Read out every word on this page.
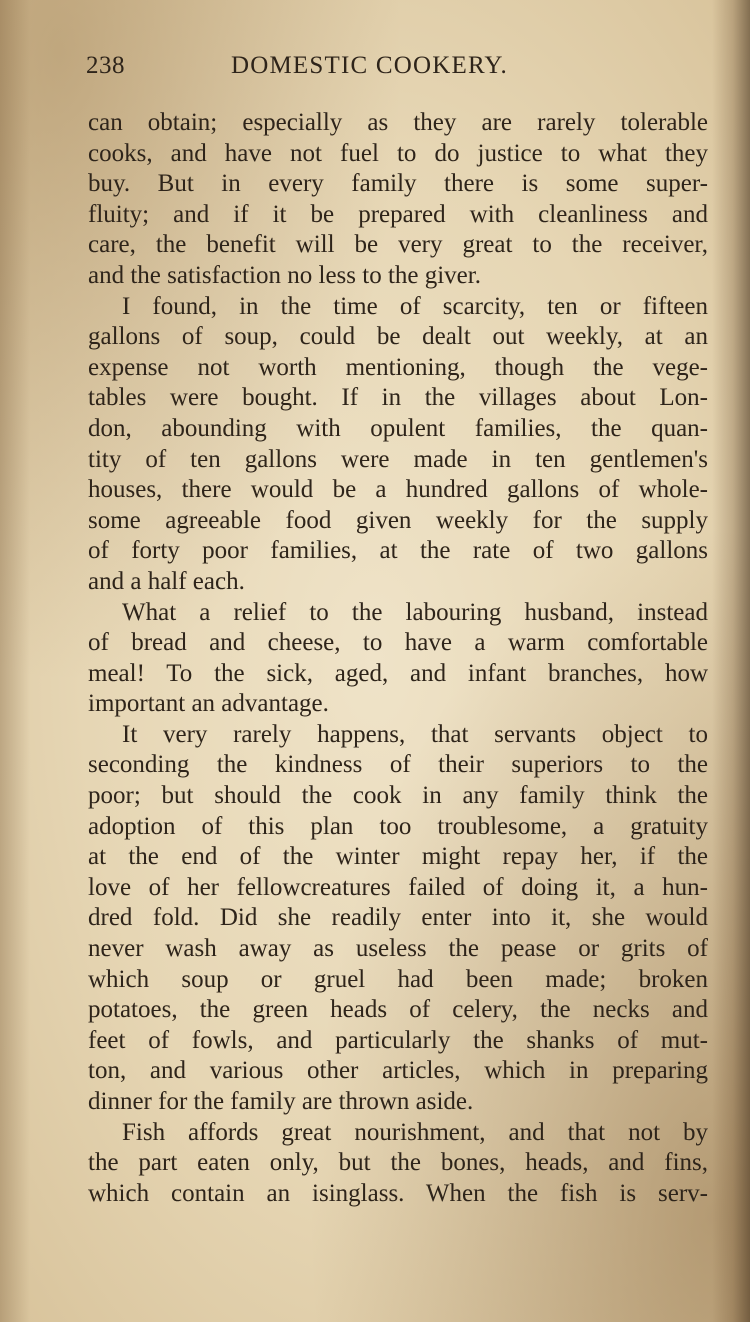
238	DOMESTIC COOKERY.
can obtain; especially as they are rarely tolerable
cooks, and have not fuel to do justice to what they
buy. But in every family there is some super-
fluity; and if it be prepared with cleanliness and
care, the benefit will be very great to the receiver,
and the satisfaction no less to the giver.
I found, in the time of scarcity, ten or fifteen
gallons of soup, could be dealt out weekly, at an
expense not worth mentioning, though the vege-
tables were bought. If in the villages about Lon-
don, abounding with opulent families, the quan-
tity of ten gallons were made in ten gentlemen's
houses, there would be a hundred gallons of whole-
some agreeable food given weekly for the supply
of forty poor families, at the rate of two gallons
and a half each.
What a relief to the labouring husband, instead
of bread and cheese, to have a warm comfortable
meal! To the sick, aged, and infant branches, how
important an advantage.
It very rarely happens, that servants object to
seconding the kindness of their superiors to the
poor; but should the cook in any family think the
adoption of this plan too troublesome, a gratuity
at the end of the winter might repay her, if the
love of her fellowcreatures failed of doing it, a hun-
dred fold. Did she readily enter into it, she would
never wash away as useless the pease or grits of
which soup or gruel had been made; broken
potatoes, the green heads of celery, the necks and
feet of fowls, and particularly the shanks of mut-
ton, and various other articles, which in preparing
dinner for the family are thrown aside.
Fish affords great nourishment, and that not by
the part eaten only, but the bones, heads, and fins,
which contain an isinglass. When the fish is serv-
